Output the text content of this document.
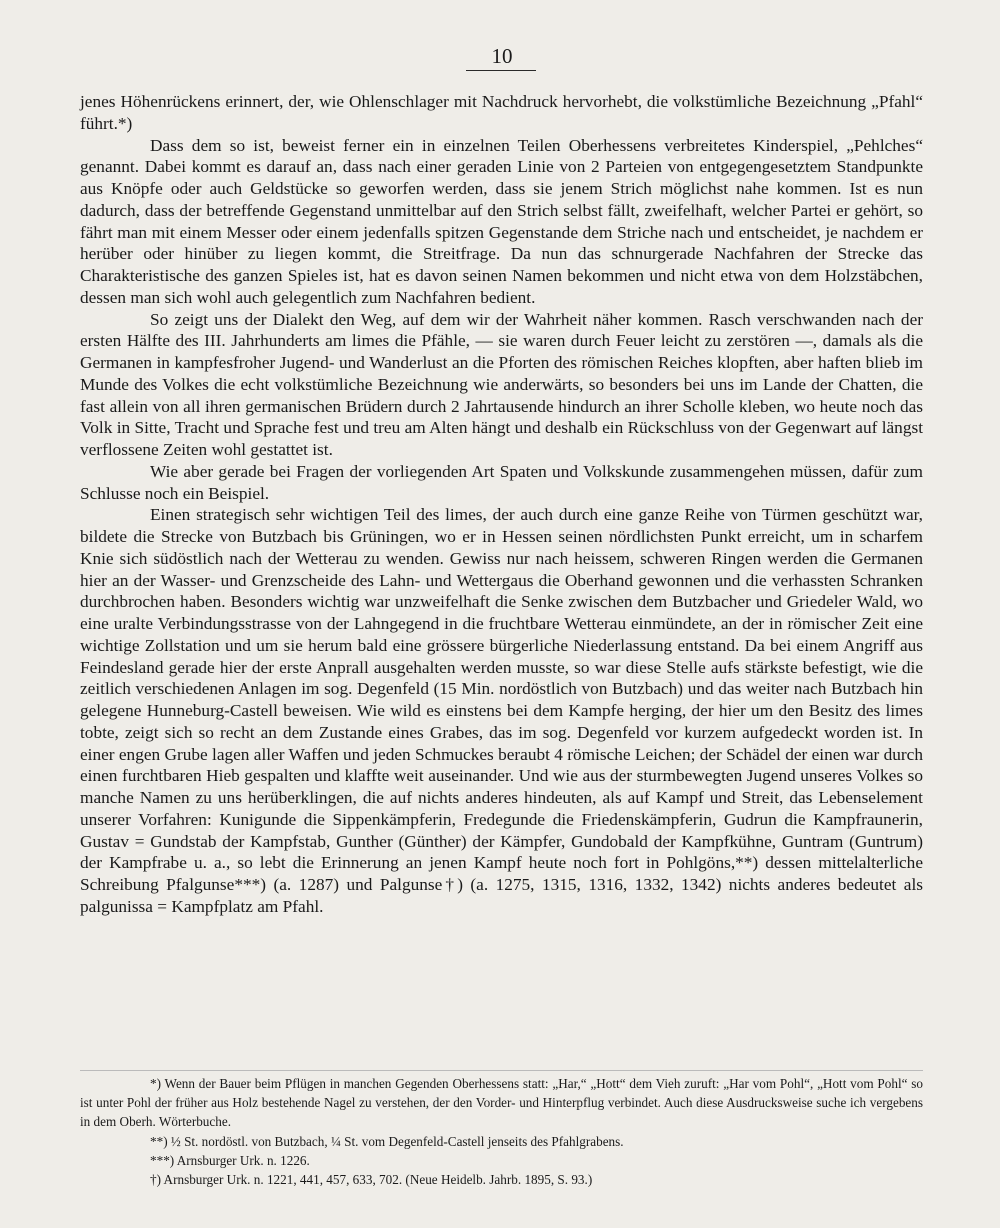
10

jenes Höhenrückens erinnert, der, wie Ohlenschlager mit Nachdruck hervorhebt, die volkstümliche Bezeichnung „Pfahl“ führt.*)

Dass dem so ist, beweist ferner ein in einzelnen Teilen Oberhessens verbreitetes Kinderspiel, „Pehlches“ genannt. Dabei kommt es darauf an, dass nach einer geraden Linie von 2 Parteien von entgegengesetztem Standpunkte aus Knöpfe oder auch Geldstücke so geworfen werden, dass sie jenem Strich möglichst nahe kommen. Ist es nun dadurch, dass der betreffende Gegenstand unmittelbar auf den Strich selbst fällt, zweifelhaft, welcher Partei er gehört, so fährt man mit einem Messer oder einem jedenfalls spitzen Gegenstande dem Striche nach und entscheidet, je nachdem er herüber oder hinüber zu liegen kommt, die Streitfrage. Da nun das schnurgerade Nachfahren der Strecke das Charakteristische des ganzen Spieles ist, hat es davon seinen Namen bekommen und nicht etwa von dem Holzstäbchen, dessen man sich wohl auch gelegentlich zum Nachfahren bedient.

So zeigt uns der Dialekt den Weg, auf dem wir der Wahrheit näher kommen. Rasch verschwanden nach der ersten Hälfte des III. Jahrhunderts am limes die Pfähle, — sie waren durch Feuer leicht zu zerstören —, damals als die Germanen in kampfesfroher Jugend- und Wanderlust an die Pforten des römischen Reiches klopften, aber haften blieb im Munde des Volkes die echt volkstümliche Bezeichnung wie anderwärts, so besonders bei uns im Lande der Chatten, die fast allein von all ihren germanischen Brüdern durch 2 Jahrtausende hindurch an ihrer Scholle kleben, wo heute noch das Volk in Sitte, Tracht und Sprache fest und treu am Alten hängt und deshalb ein Rückschluss von der Gegenwart auf längst verflossene Zeiten wohl gestattet ist.

Wie aber gerade bei Fragen der vorliegenden Art Spaten und Volkskunde zusammengehen müssen, dafür zum Schlusse noch ein Beispiel.

Einen strategisch sehr wichtigen Teil des limes, der auch durch eine ganze Reihe von Türmen geschützt war, bildete die Strecke von Butzbach bis Grüningen, wo er in Hessen seinen nördlichsten Punkt erreicht, um in scharfem Knie sich südöstlich nach der Wetterau zu wenden. Gewiss nur nach heissem, schweren Ringen werden die Germanen hier an der Wasser- und Grenzscheide des Lahn- und Wettergaus die Oberhand gewonnen und die verhassten Schranken durchbrochen haben. Besonders wichtig war unzweifelhaft die Senke zwischen dem Butzbacher und Griedeler Wald, wo eine uralte Verbindungsstrasse von der Lahngegend in die fruchtbare Wetterau einmündete, an der in römischer Zeit eine wichtige Zollstation und um sie herum bald eine grössere bürgerliche Niederlassung entstand. Da bei einem Angriff aus Feindesland gerade hier der erste Anprall ausgehalten werden musste, so war diese Stelle aufs stärkste befestigt, wie die zeitlich verschiedenen Anlagen im sog. Degenfeld (15 Min. nordöstlich von Butzbach) und das weiter nach Butzbach hin gelegene Hunneburg-Castell beweisen. Wie wild es einstens bei dem Kampfe herging, der hier um den Besitz des limes tobte, zeigt sich so recht an dem Zustande eines Grabes, das im sog. Degenfeld vor kurzem aufgedeckt worden ist. In einer engen Grube lagen aller Waffen und jeden Schmuckes beraubt 4 römische Leichen; der Schädel der einen war durch einen furchtbaren Hieb gespalten und klaffte weit auseinander. Und wie aus der sturmbewegten Jugend unseres Volkes so manche Namen zu uns herüberklingen, die auf nichts anderes hindeuten, als auf Kampf und Streit, das Lebenselement unserer Vorfahren: Kunigunde die Sippenkämpferin, Fredegunde die Friedenskämpferin, Gudrun die Kampfraunerin, Gustav = Gundstab der Kampfstab, Gunther (Günther) der Kämpfer, Gundobald der Kampfkühne, Guntram (Guntrum) der Kampfrabe u. a., so lebt die Erinnerung an jenen Kampf heute noch fort in Pohlgöns,**) dessen mittelalterliche Schreibung Pfalgunse***) (a. 1287) und Palgunse†) (a. 1275, 1315, 1316, 1332, 1342) nichts anderes bedeutet als palgunissa = Kampfplatz am Pfahl.

*) Wenn der Bauer beim Pflügen in manchen Gegenden Oberhessens statt: „Har,“ „Hott“ dem Vieh zuruft: „Har vom Pohl“, „Hott vom Pohl“ so ist unter Pohl der früher aus Holz bestehende Nagel zu verstehen, der den Vorder- und Hinterpflug verbindet. Auch diese Ausdrucksweise suche ich vergebens in dem Oberh. Wörterbuche.

**) ½ St. nordöstl. von Butzbach, ¼ St. vom Degenfeld-Castell jenseits des Pfahlgrabens.

***) Arnsburger Urk. n. 1226.

†) Arnsburger Urk. n. 1221, 441, 457, 633, 702. (Neue Heidelb. Jahrb. 1895, S. 93.)
